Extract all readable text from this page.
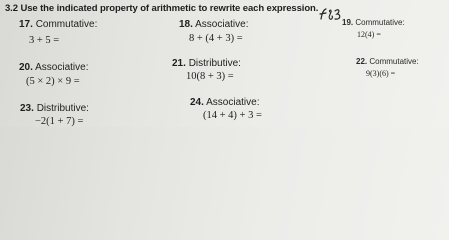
3.2 Use the indicated property of arithmetic to rewrite each expression.
17. Commutative:
3 + 5 =
18. Associative:
8 + (4 + 3) =
19. Commutative:
12(4) =
20. Associative:
(5 × 2) × 9 =
21. Distributive:
10(8 + 3) =
22. Commutative:
9(3)(6) =
23. Distributive:
−2(1 + 7) =
24. Associative:
(14 + 4) + 3 =
